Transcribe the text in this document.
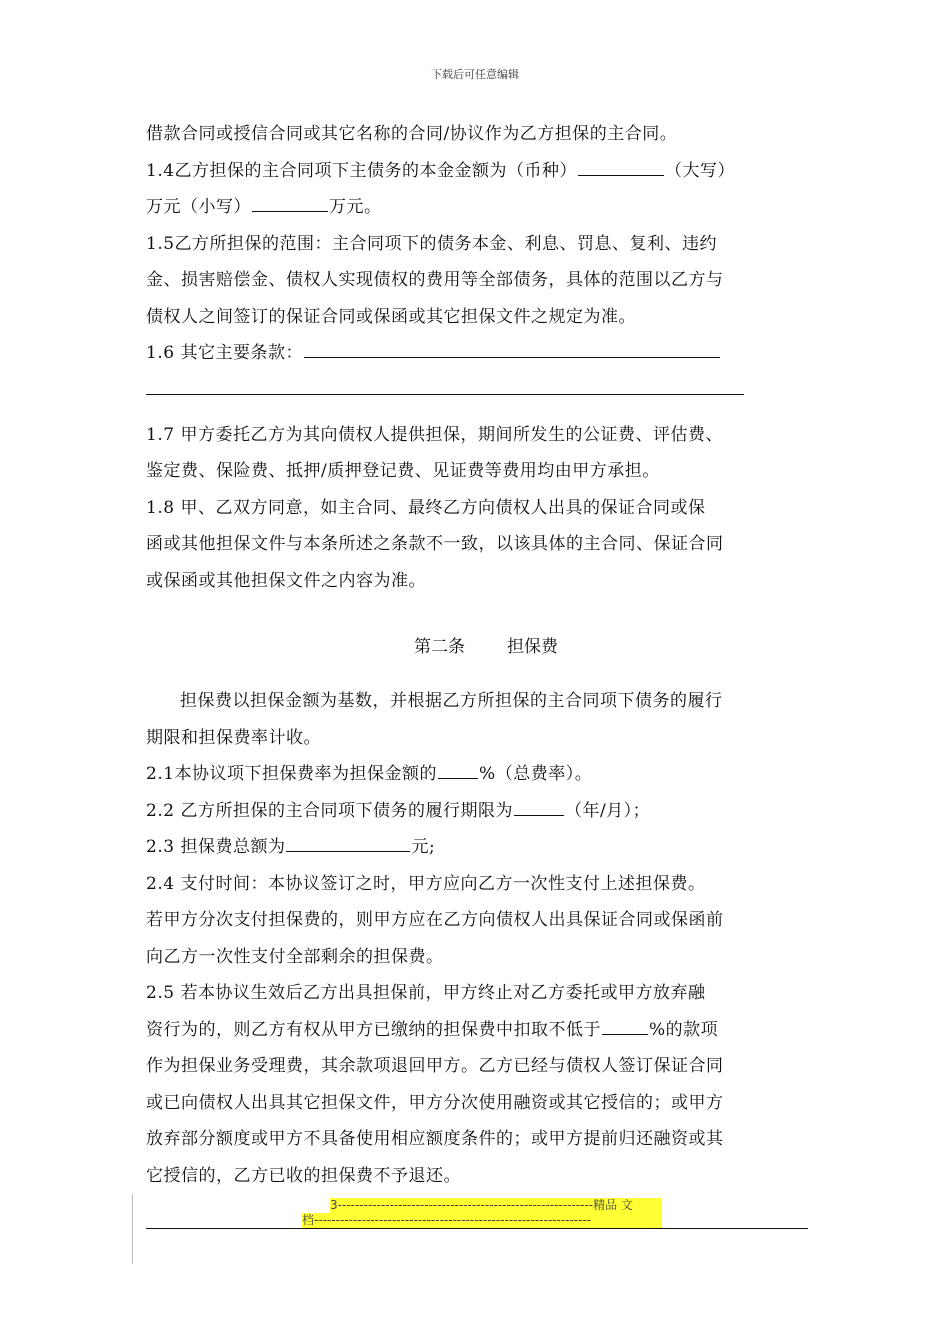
下载后可任意编辑
借款合同或授信合同或其它名称的合同/协议作为乙方担保的主合同。
1.4乙方担保的主合同项下主债务的本金金额为（币种）	（大写）
万元（小写）	万元。
1.5乙方所担保的范围：主合同项下的债务本金、利息、罚息、复利、违约
金、损害赔偿金、债权人实现债权的费用等全部债务，具体的范围以乙方与
债权人之间签订的保证合同或保函或其它担保文件之规定为准。
1.6 其它主要条款：
1.7 甲方委托乙方为其向债权人提供担保，期间所发生的公证费、评估费、
鉴定费、保险费、抵押/质押登记费、见证费等费用均由甲方承担。
1.8 甲、乙双方同意，如主合同、最终乙方向债权人出具的保证合同或保
函或其他担保文件与本条所述之条款不一致，以该具体的主合同、保证合同
或保函或其他担保文件之内容为准。
第二条 担保费
担保费以担保金额为基数，并根据乙方所担保的主合同项下债务的履行
期限和担保费率计收。
2.1本协议项下担保费率为担保金额的 %（总费率）。
2.2 乙方所担保的主合同项下债务的履行期限为	（年/月）；
2.3 担保费总额为	元;
2.4 支付时间：本协议签订之时，甲方应向乙方一次性支付上述担保费。
若甲方分次支付担保费的，则甲方应在乙方向债权人出具保证合同或保函前
向乙方一次性支付全部剩余的担保费。
2.5 若本协议生效后乙方出具担保前，甲方终止对乙方委托或甲方放弃融
资行为的，则乙方有权从甲方已缴纳的担保费中扣取不低于	%的款项
作为担保业务受理费，其余款项退回甲方。乙方已经与债权人签订保证合同
或已向债权人出具其它担保文件，甲方分次使用融资或其它授信的；或甲方
放弃部分额度或甲方不具备使用相应额度条件的；或甲方提前归还融资或其
它授信的，乙方已收的担保费不予退还。
3-----------------------------------------------------------精品 文
档----------------------------------------------------------------
